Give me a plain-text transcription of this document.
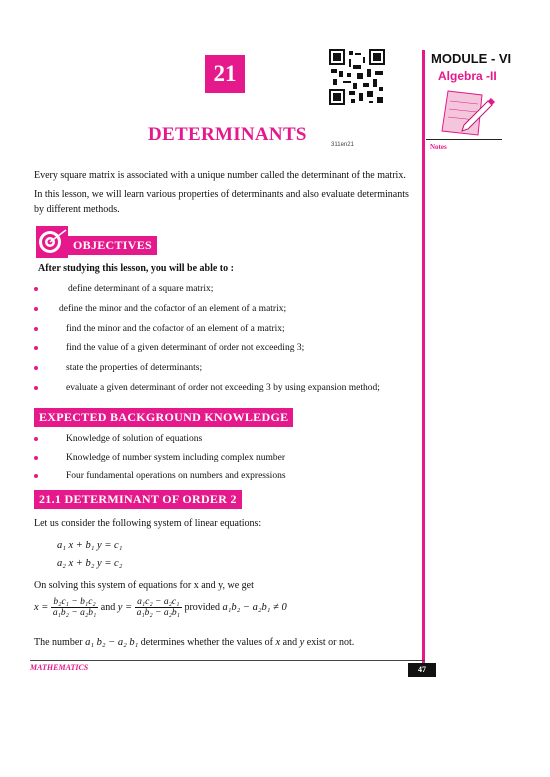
MODULE - VI
Algebra -II
Notes
21
311en21
DETERMINANTS
Every square matrix is associated with a unique number called the determinant of the matrix.
In this lesson, we will learn various properties of determinants and also evaluate determinants by different methods.
OBJECTIVES
After studying this lesson, you will be able to :
define determinant of a square matrix;
define the minor and the cofactor of an element of a matrix;
find the minor and the cofactor of an element of a matrix;
find the value of a given determinant of order not exceeding 3;
state the properties of determinants;
evaluate a given determinant of order not exceeding 3 by using expansion method;
EXPECTED BACKGROUND KNOWLEDGE
Knowledge of solution of equations
Knowledge of number system including complex number
Four fundamental operations on numbers and expressions
21.1 DETERMINANT OF ORDER 2
Let us consider the following system of linear equations:
a₁ x + b₁ y = c₁
a₂ x + b₂ y = c₂
On solving this system of equations for x and y, we get
$x = \frac{\text{b₂c₁ − b₁c₂}}{\text{a₁b₂ − a₂b₁}}$ and $y = \frac{\text{a₁c₂ − a₂c₁}}{\text{a₁b₂ − a₂b₁}}$ provided a₁b₂ − a₂b₁ ≠ 0
The number a₁ b₂ − a₂ b₁ determines whether the values of x and y exist or not.
MATHEMATICS	47
